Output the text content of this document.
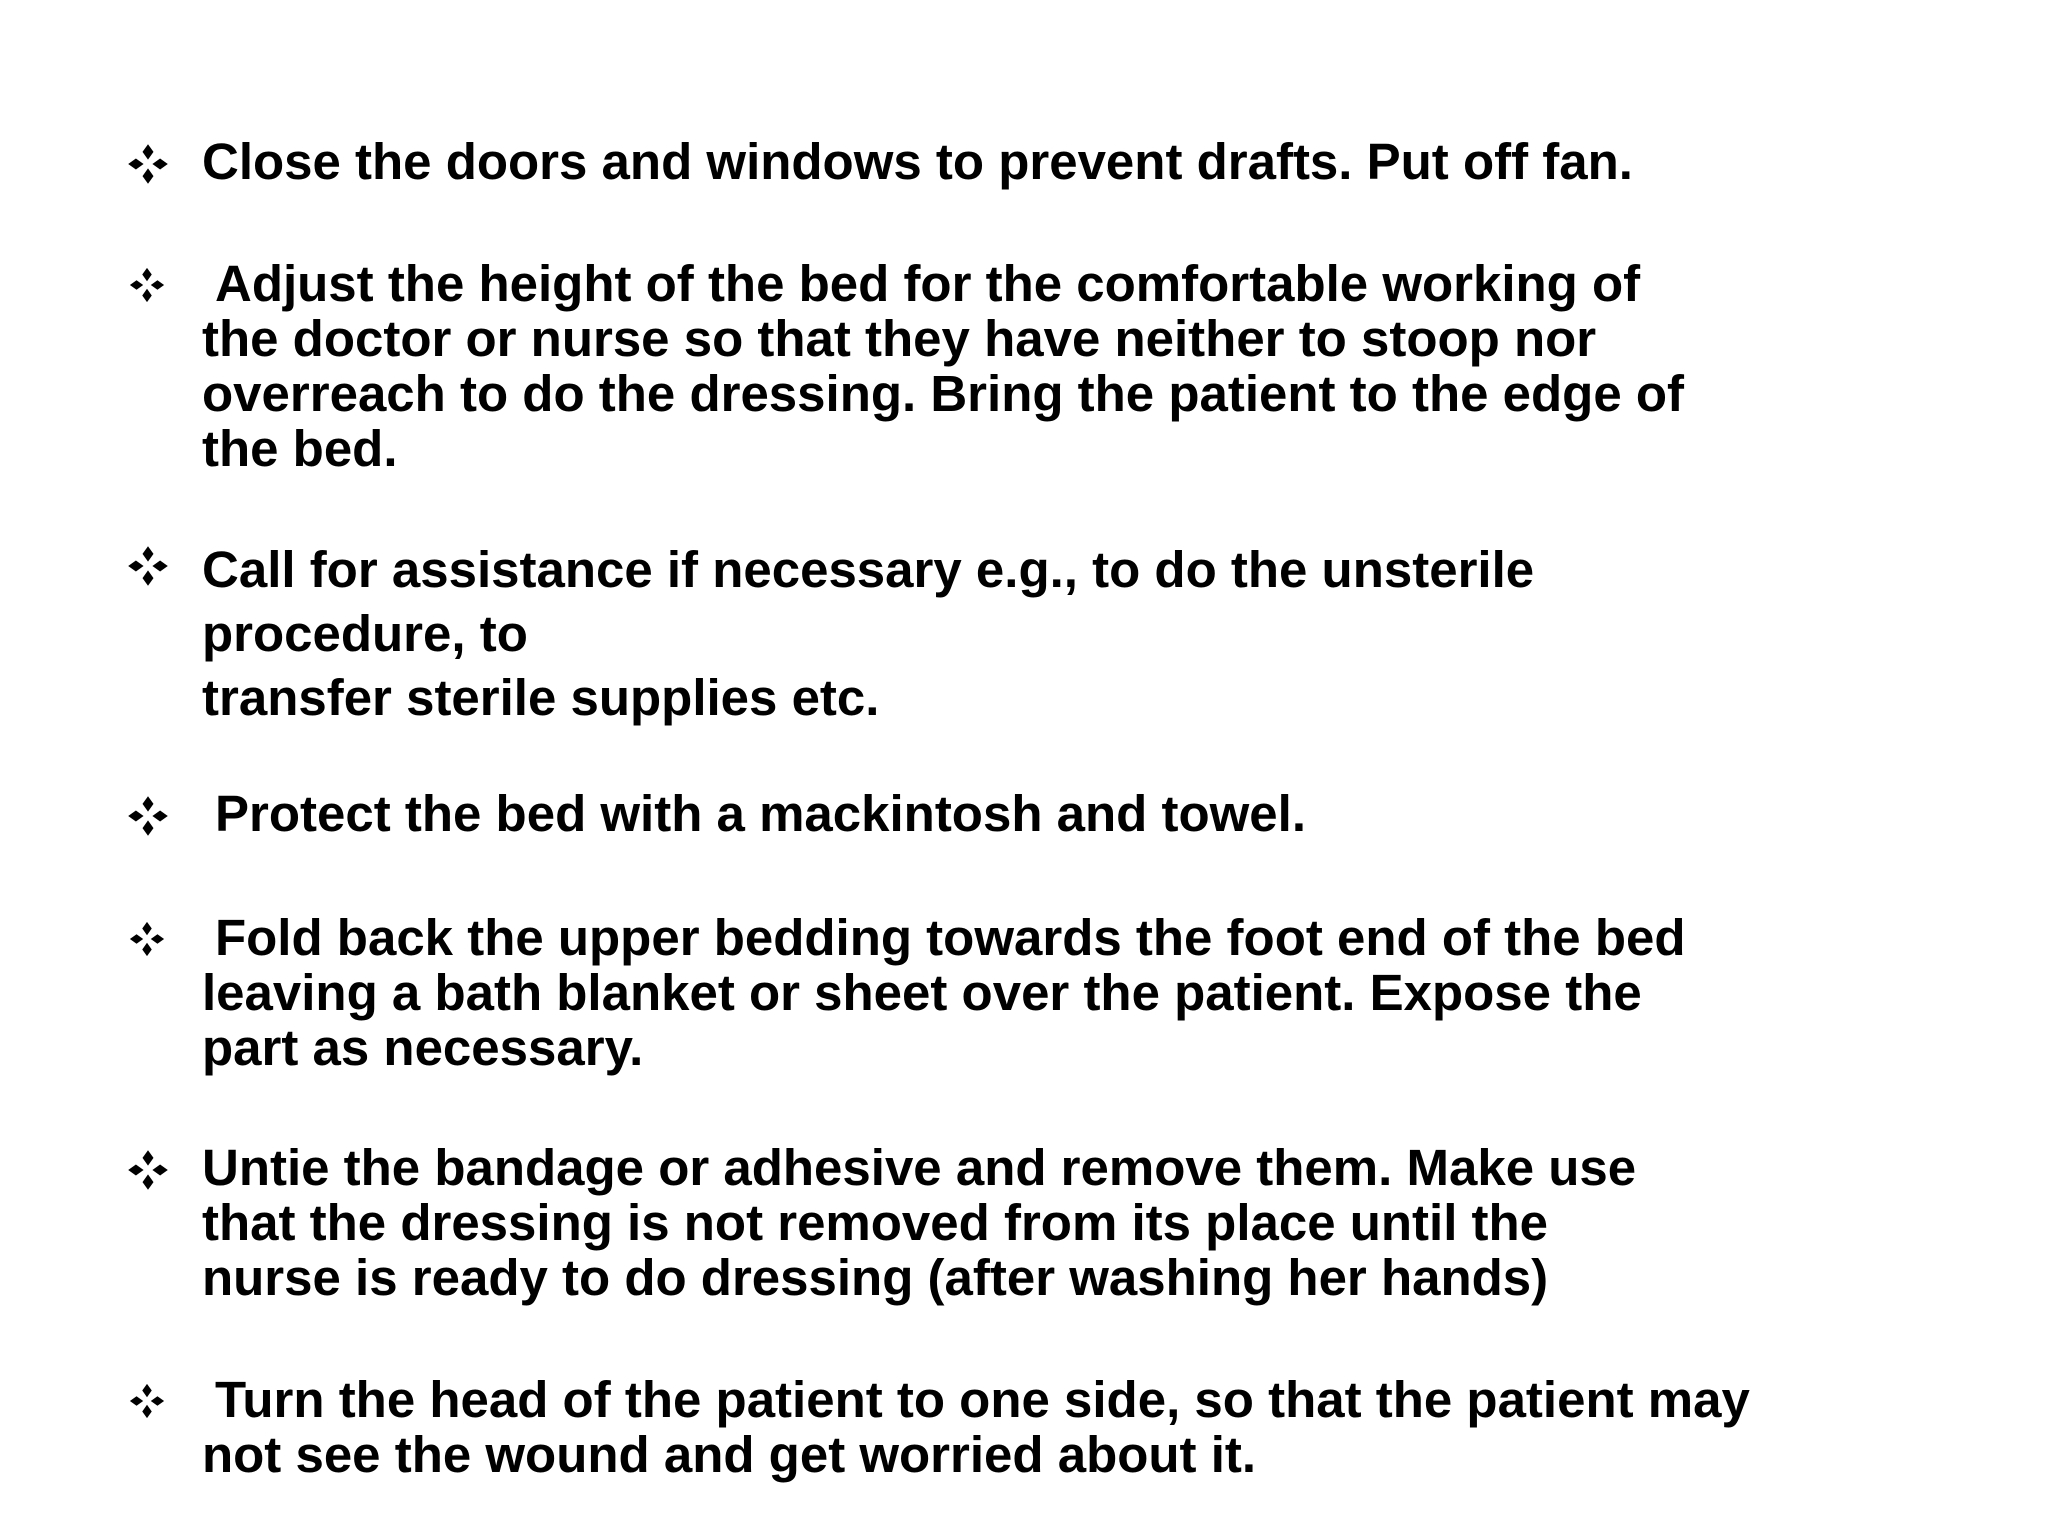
Close the doors and windows to prevent drafts. Put off fan.
Adjust the height of the bed for the comfortable working of
the doctor or nurse so that they have neither to stoop nor
overreach to do the dressing. Bring the patient to the edge of
the bed.
Call for assistance if necessary e.g., to do the unsterile
procedure, to
transfer sterile supplies etc.
Protect the bed with a mackintosh and towel.
Fold back the upper bedding towards the foot end of the bed
leaving a bath blanket or sheet over the patient. Expose the
part as necessary.
Untie the bandage or adhesive and remove them. Make use
that the dressing is not removed from its place until the
nurse is ready to do dressing (after washing her hands)
Turn the head of the patient to one side, so that the patient may
not see the wound and get worried about it.
